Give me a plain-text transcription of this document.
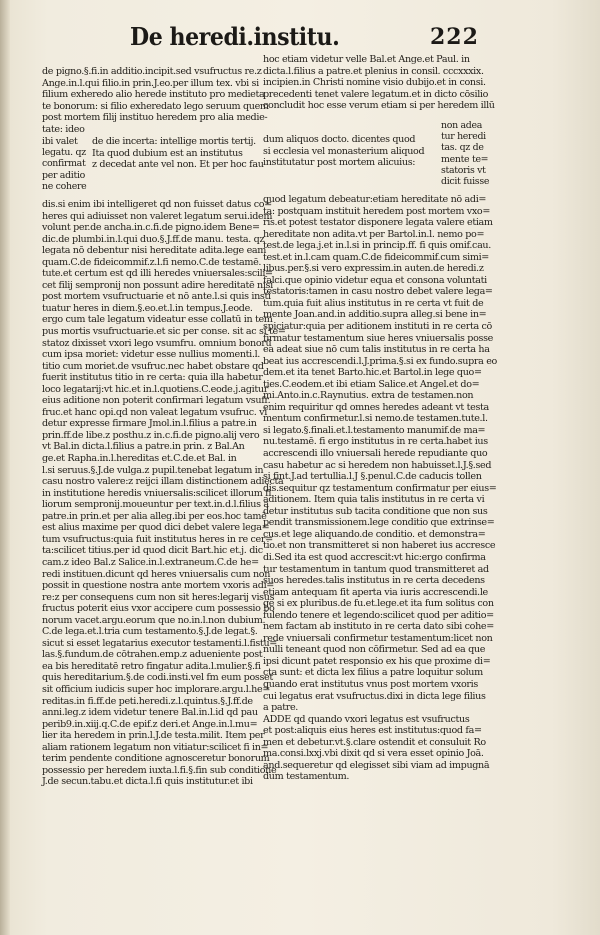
De heredi.institu.	222
de pigno.§.fi.in additio.incipit.sed vsufructus re.z
Ange.in.l.qui filio.in prin.J.eo.per illum tex. vbi si
filium exheredo alio herede instituto pro medieta
te bonorum: si filio exheredato lego seruum quem
post mortem filij instituo heredem pro alia medie-
tate: ideo
ibi valet
legatu. qz
confirmat
per aditio
ne cohere
de die incerta: intellige mortis tertij.
Ita quod dubium est an institutus
z decedat ante vel non. Et per hoc fau
dis.si enim ibi intelligeret qd non fuisset datus co=
heres qui adiuisset non valeret legatum serui.idem
volunt per.de ancha.in.c.fi.de pigno.idem Bene=
dic.de plumbi.in.l.qui duo.§.J.ff.de manu. testa. qz
legata nō debentur nisi hereditate adita.lege eam
quam.C.de fideicommif.z.l.fi nemo.C.de testamē.
tute.et certum est qd illi heredes vniuersales:scili=
cet filij sempronij non possunt adire hereditatē nisi
post mortem vsufructuarie et nō ante.l.si quis insti
tuatur heres in diem.§.eo.et.l.in tempus.J.eode.
ergo cum tale legatum videatur esse collatū in tem
pus mortis vsufructuarie.et sic per conse. sit ac si te=
statoz dixisset vxori lego vsumfru. omnium bonorū
cum ipsa moriet: videtur esse nullius momenti.l.
titio cum moriet.de vsufruc.nec habet obstare qd
fuerit institutus titio in re certa: quia illa habetur
loco legatarij:vt hic.et in.l.quotiens.C.eode.j.agitur
eius aditione non poterit confirmari legatum vsufr.
fruc.et hanc opi.qd non valeat legatum vsufruc. vi
detur expresse firmare Jmol.in.l.filius a patre.in
prin.ff.de libe.z posthu.z in.c.fi.de pigno.alij vero
vt Bal.in dicta.l.filius a patre.in prin. z Bal.An
ge.et Rapha.in.l.hereditas et.C.de.et Bal. in
l.si seruus.§.J.de vulga.z pupil.tenebat legatum in
casu nostro valere:z reijci illam distinctionem adiecta
in institutione heredis vniuersalis:scilicet illorum fi
liorum sempronij.moueuntur per text.in.d.l.filius a
patre.in prin.et per alia alleg.ibi per eos.hoc tamē
est alius maxime per quod dici debet valere lega=
tum vsufructus:quia fuit institutus heres in re cer=
ta:scilicet titius.per id quod dicit Bart.hic et.j. dic
cam.z ideo Bal.z Salice.in.l.extraneum.C.de he=
redi instituen.dicunt qd heres vniuersalis cum non
possit in questione nostra ante mortem vxoris adi=
re:z per consequens cum non sit heres:legarij visus
fructus poterit eius vxor accipere cum possessio bo
norum vacet.argu.eorum que no.in.l.non dubium.
C.de lega.et.l.tria cum testamento.§.J.de legat.§.
sicut si esset legatarius executor testamenti.l.fistu=
las.§.fundum.de cōtrahen.emp.z adueniente post
ea bis hereditatē retro fingatur adita.l.mulier.§.fi
quis hereditarium.§.de codi.insti.vel fm eum posset
sit officium iudicis super hoc implorare.argu.l.he=
reditas.in fi.ff.de peti.heredi.z.l.quintus.§.J.ff.de
anni.leg.z idem videtur tenere Bal.in.l.id qd pau
perib9.in.xiij.q.C.de epif.z deri.et Ange.in.l.mu=
lier ita heredem in prin.l.J.de testa.milit. Item per
aliam rationem legatum non vitiatur:scilicet fi in=
terim pendente conditione agnosceretur bonorum
possessio per heredem iuxta.l.fi.§.fin sub conditione
J.de secun.tabu.et dicta.l.fi quis institutur.et ibi
hoc etiam videtur velle Bal.et Ange.et Paul. in
dicta.l.filius a patre.et plenius in consil. cccxxxix.
incipien.in Christi nomine visio dubijo.et in consi.
precedenti tenet valere legatum.et in dicto cōsilio
concludit hoc esse verum etiam si per heredem illū
dum aliquos docto. dicentes quod
si ecclesia vel monasterium aliquod
institutatur post mortem alicuius:
non adea
tur heredi
tas. qz de
mente te=
statoris vt
dicit fuisse
quod legatum debeatur:etiam hereditate nō adi=
ta: postquam instituit heredem post mortem vxo=
ris.et potest testator disponere legata valere etiam
hereditate non adita.vt per Bartol.in.l. nemo po=
test.de lega.j.et in.l.si in princip.ff. fi quis omif.cau.
test.et in.l.cam quam.C.de fideicommif.cum simi=
libus.per.§.si vero expressim.in auten.de heredi.z
falci.que opinio videtur equa et consona voluntati
testatoris:tamen in casu nostro debet valere lega=
tum.quia fuit alius institutus in re certa vt fuit de
mente Joan.and.in additio.supra alleg.si bene in=
spiciatur:quia per aditionem instituti in re certa cō
firmatur testamentum siue heres vniuersalis posse
ea adeat siue nō cum talis institutus in re certa ha
beat ius accrescendi.l.J.prima.§.si ex fundo.supra eo
dem.et ita tenet Barto.hic.et Bartol.in lege quo=
ties.C.eodem.et ibi etiam Salice.et Angel.et do=
mi.Anto.in.c.Raynutius. extra de testamen.non
enim requiritur qd omnes heredes adeant vt testa
mentum confirmetur.l.si nemo.de testamen.tute.l.
si legato.§.finali.et.l.testamento manumif.de ma=
nu.testamē. fi ergo institutus in re certa.habet ius
accrescendi illo vniuersali herede repudiante quo
casu habetur ac si heredem non habuisset.l.J.§.sed
si fint.J.ad tertullia.l.J §.penul.C.de caducis tollen
dis.sequitur qz testamentum confirmatur per eius=
aditionem. Item quia talis institutus in re certa vi
detur institutus sub tacita conditione que non sus
pendit transmissionem.lege conditio que extrinse=
cus.et lege aliquando.de conditio. et demonstra=
tio.et non transmitteret si non haberet ius accresce
di.Sed ita est quod accrescit:vt hic:ergo confirma
tur testamentum in tantum quod transmitteret ad
suos heredes.talis institutus in re certa decedens
etiam antequam fit aperta via iuris accrescendi.le
ge si ex pluribus.de fu.et.lege.et ita fum solitus con
fulendo tenere et legendo:scilicet quod per aditio=
nem factam ab instituto in re certa dato sibi cohe=
rede vniuersali confirmetur testamentum:licet non
nulli teneant quod non cōfirmetur. Sed ad ea que
ipsi dicunt patet responsio ex his que proxime di=
cta sunt: et dicta lex filius a patre loquitur solum
quando erat institutus vnus post mortem vxoris
cui legatus erat vsufructus.dixi in dicta lege filius
a patre.
ADDE qd quando vxori legatus est vsufructus
et post:aliquis eius heres est institutus:quod fa=
men et debetur.vt.§.clare ostendit et consuluit Ro
ma.consi.lxxj.vbi dixit qd si vera esset opinio Joā.
and.sequeretur qd elegisset sibi viam ad impugnā
dum testamentum.
